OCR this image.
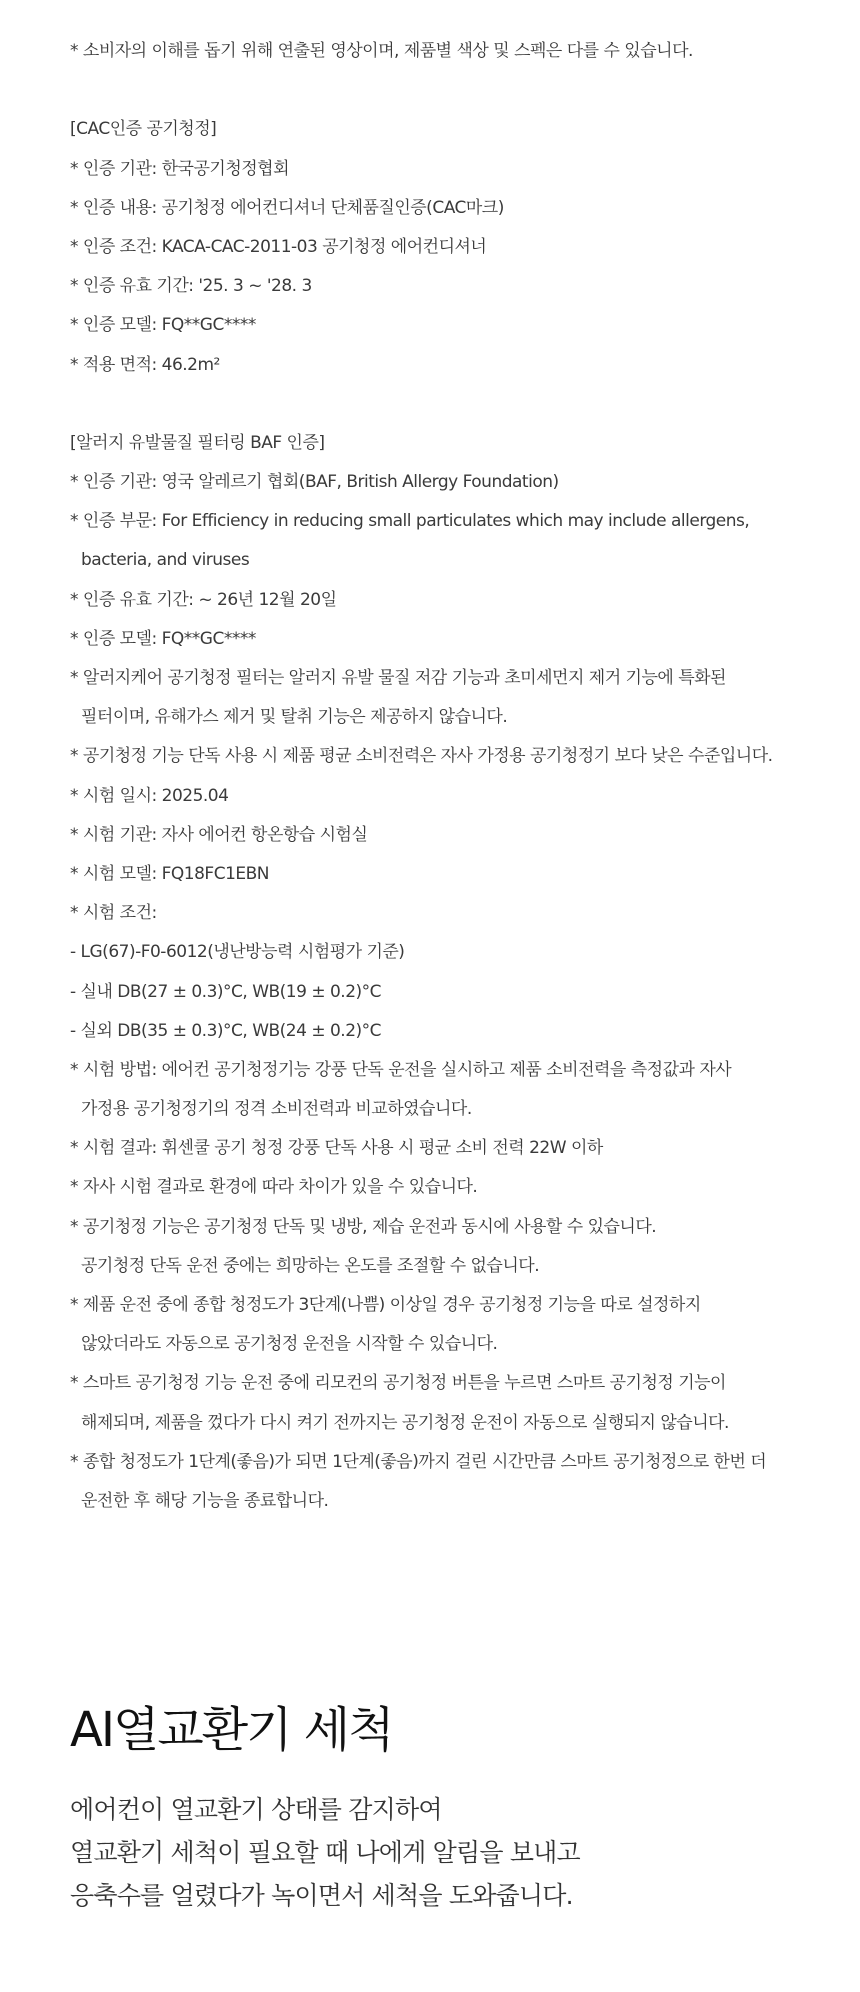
* 소비자의 이해를 돕기 위해 연출된 영상이며, 제품별 색상 및 스펙은 다를 수 있습니다.
[CAC인증 공기청정]
* 인증 기관: 한국공기청정협회
* 인증 내용: 공기청정 에어컨디셔너 단체품질인증(CAC마크)
* 인증 조건: KACA-CAC-2011-03 공기청정 에어컨디셔너
* 인증 유효 기간: '25. 3 ~ '28. 3
* 인증 모델: FQ**GC****
* 적용 면적: 46.2m²
[알러지 유발물질 필터링 BAF 인증]
* 인증 기관: 영국 알레르기 협회(BAF, British Allergy Foundation)
* 인증 부문: For Efficiency in reducing small particulates which may include allergens,
bacteria, and viruses
* 인증 유효 기간: ~ 26년 12월 20일
* 인증 모델: FQ**GC****
* 알러지케어 공기청정 필터는 알러지 유발 물질 저감 기능과 초미세먼지 제거 기능에 특화된
필터이며, 유해가스 제거 및 탈취 기능은 제공하지 않습니다.
* 공기청정 기능 단독 사용 시 제품 평균 소비전력은 자사 가정용 공기청정기 보다 낮은 수준입니다.
* 시험 일시: 2025.04
* 시험 기관: 자사 에어컨 항온항습 시험실
* 시험 모델: FQ18FC1EBN
* 시험 조건:
- LG(67)-F0-6012(냉난방능력 시험평가 기준)
- 실내 DB(27 ± 0.3)°C, WB(19 ± 0.2)°C
- 실외 DB(35 ± 0.3)°C, WB(24 ± 0.2)°C
* 시험 방법: 에어컨 공기청정기능 강풍 단독 운전을 실시하고 제품 소비전력을 측정값과 자사
가정용 공기청정기의 정격 소비전력과 비교하였습니다.
* 시험 결과: 휘센쿨 공기 청정 강풍 단독 사용 시 평균 소비 전력 22W 이하
* 자사 시험 결과로 환경에 따라 차이가 있을 수 있습니다.
* 공기청정 기능은 공기청정 단독 및 냉방, 제습 운전과 동시에 사용할 수 있습니다.
공기청정 단독 운전 중에는 희망하는 온도를 조절할 수 없습니다.
* 제품 운전 중에 종합 청정도가 3단계(나쁨) 이상일 경우 공기청정 기능을 따로 설정하지
않았더라도 자동으로 공기청정 운전을 시작할 수 있습니다.
* 스마트 공기청정 기능 운전 중에 리모컨의 공기청정 버튼을 누르면 스마트 공기청정 기능이
해제되며, 제품을 껐다가 다시 켜기 전까지는 공기청정 운전이 자동으로 실행되지 않습니다.
* 종합 청정도가 1단계(좋음)가 되면 1단계(좋음)까지 걸린 시간만큼 스마트 공기청정으로 한번 더
운전한 후 해당 기능을 종료합니다.
AI열교환기 세척
에어컨이 열교환기 상태를 감지하여
열교환기 세척이 필요할 때 나에게 알림을 보내고
응축수를 얼렸다가 녹이면서 세척을 도와줍니다.
